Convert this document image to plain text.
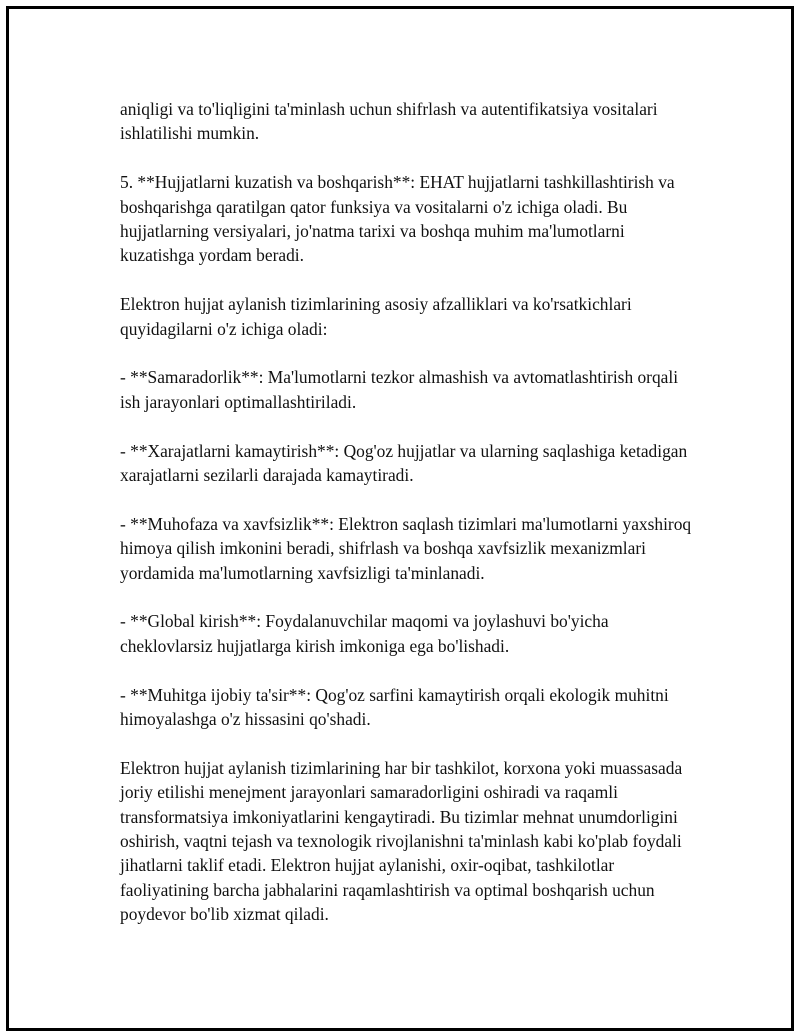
aniqligi va to'liqligini ta'minlash uchun shifrlash va autentifikatsiya vositalari ishlatilishi mumkin.

5. **Hujjatlarni kuzatish va boshqarish**: EHAT hujjatlarni tashkillashtirish va boshqarishga qaratilgan qator funksiya va vositalarni o'z ichiga oladi. Bu hujjatlarning versiyalari, jo'natma tarixi va boshqa muhim ma'lumotlarni kuzatishga yordam beradi.

Elektron hujjat aylanish tizimlarining asosiy afzalliklari va ko'rsatkichlari quyidagilarni o'z ichiga oladi:

- **Samaradorlik**: Ma'lumotlarni tezkor almashish va avtomatlashtirish orqali ish jarayonlari optimallashtiriladi.

- **Xarajatlarni kamaytirish**: Qog'oz hujjatlar va ularning saqlashiga ketadigan xarajatlarni sezilarli darajada kamaytiradi.

- **Muhofaza va xavfsizlik**: Elektron saqlash tizimlari ma'lumotlarni yaxshiroq himoya qilish imkonini beradi, shifrlash va boshqa xavfsizlik mexanizmlari yordamida ma'lumotlarning xavfsizligi ta'minlanadi.

- **Global kirish**: Foydalanuvchilar maqomi va joylashuvi bo'yicha cheklovlarsiz hujjatlarga kirish imkoniga ega bo'lishadi.

- **Muhitga ijobiy ta'sir**: Qog'oz sarfini kamaytirish orqali ekologik muhitni himoyalashga o'z hissasini qo'shadi.

Elektron hujjat aylanish tizimlarining har bir tashkilot, korxona yoki muassasada joriy etilishi menejment jarayonlari samaradorligini oshiradi va raqamli transformatsiya imkoniyatlarini kengaytiradi. Bu tizimlar mehnat unumdorligini oshirish, vaqtni tejash va texnologik rivojlanishni ta'minlash kabi ko'plab foydali jihatlarni taklif etadi. Elektron hujjat aylanishi, oxir-oqibat, tashkilotlar faoliyatining barcha jabhalarini raqamlashtirish va optimal boshqarish uchun poydevor bo'lib xizmat qiladi.
